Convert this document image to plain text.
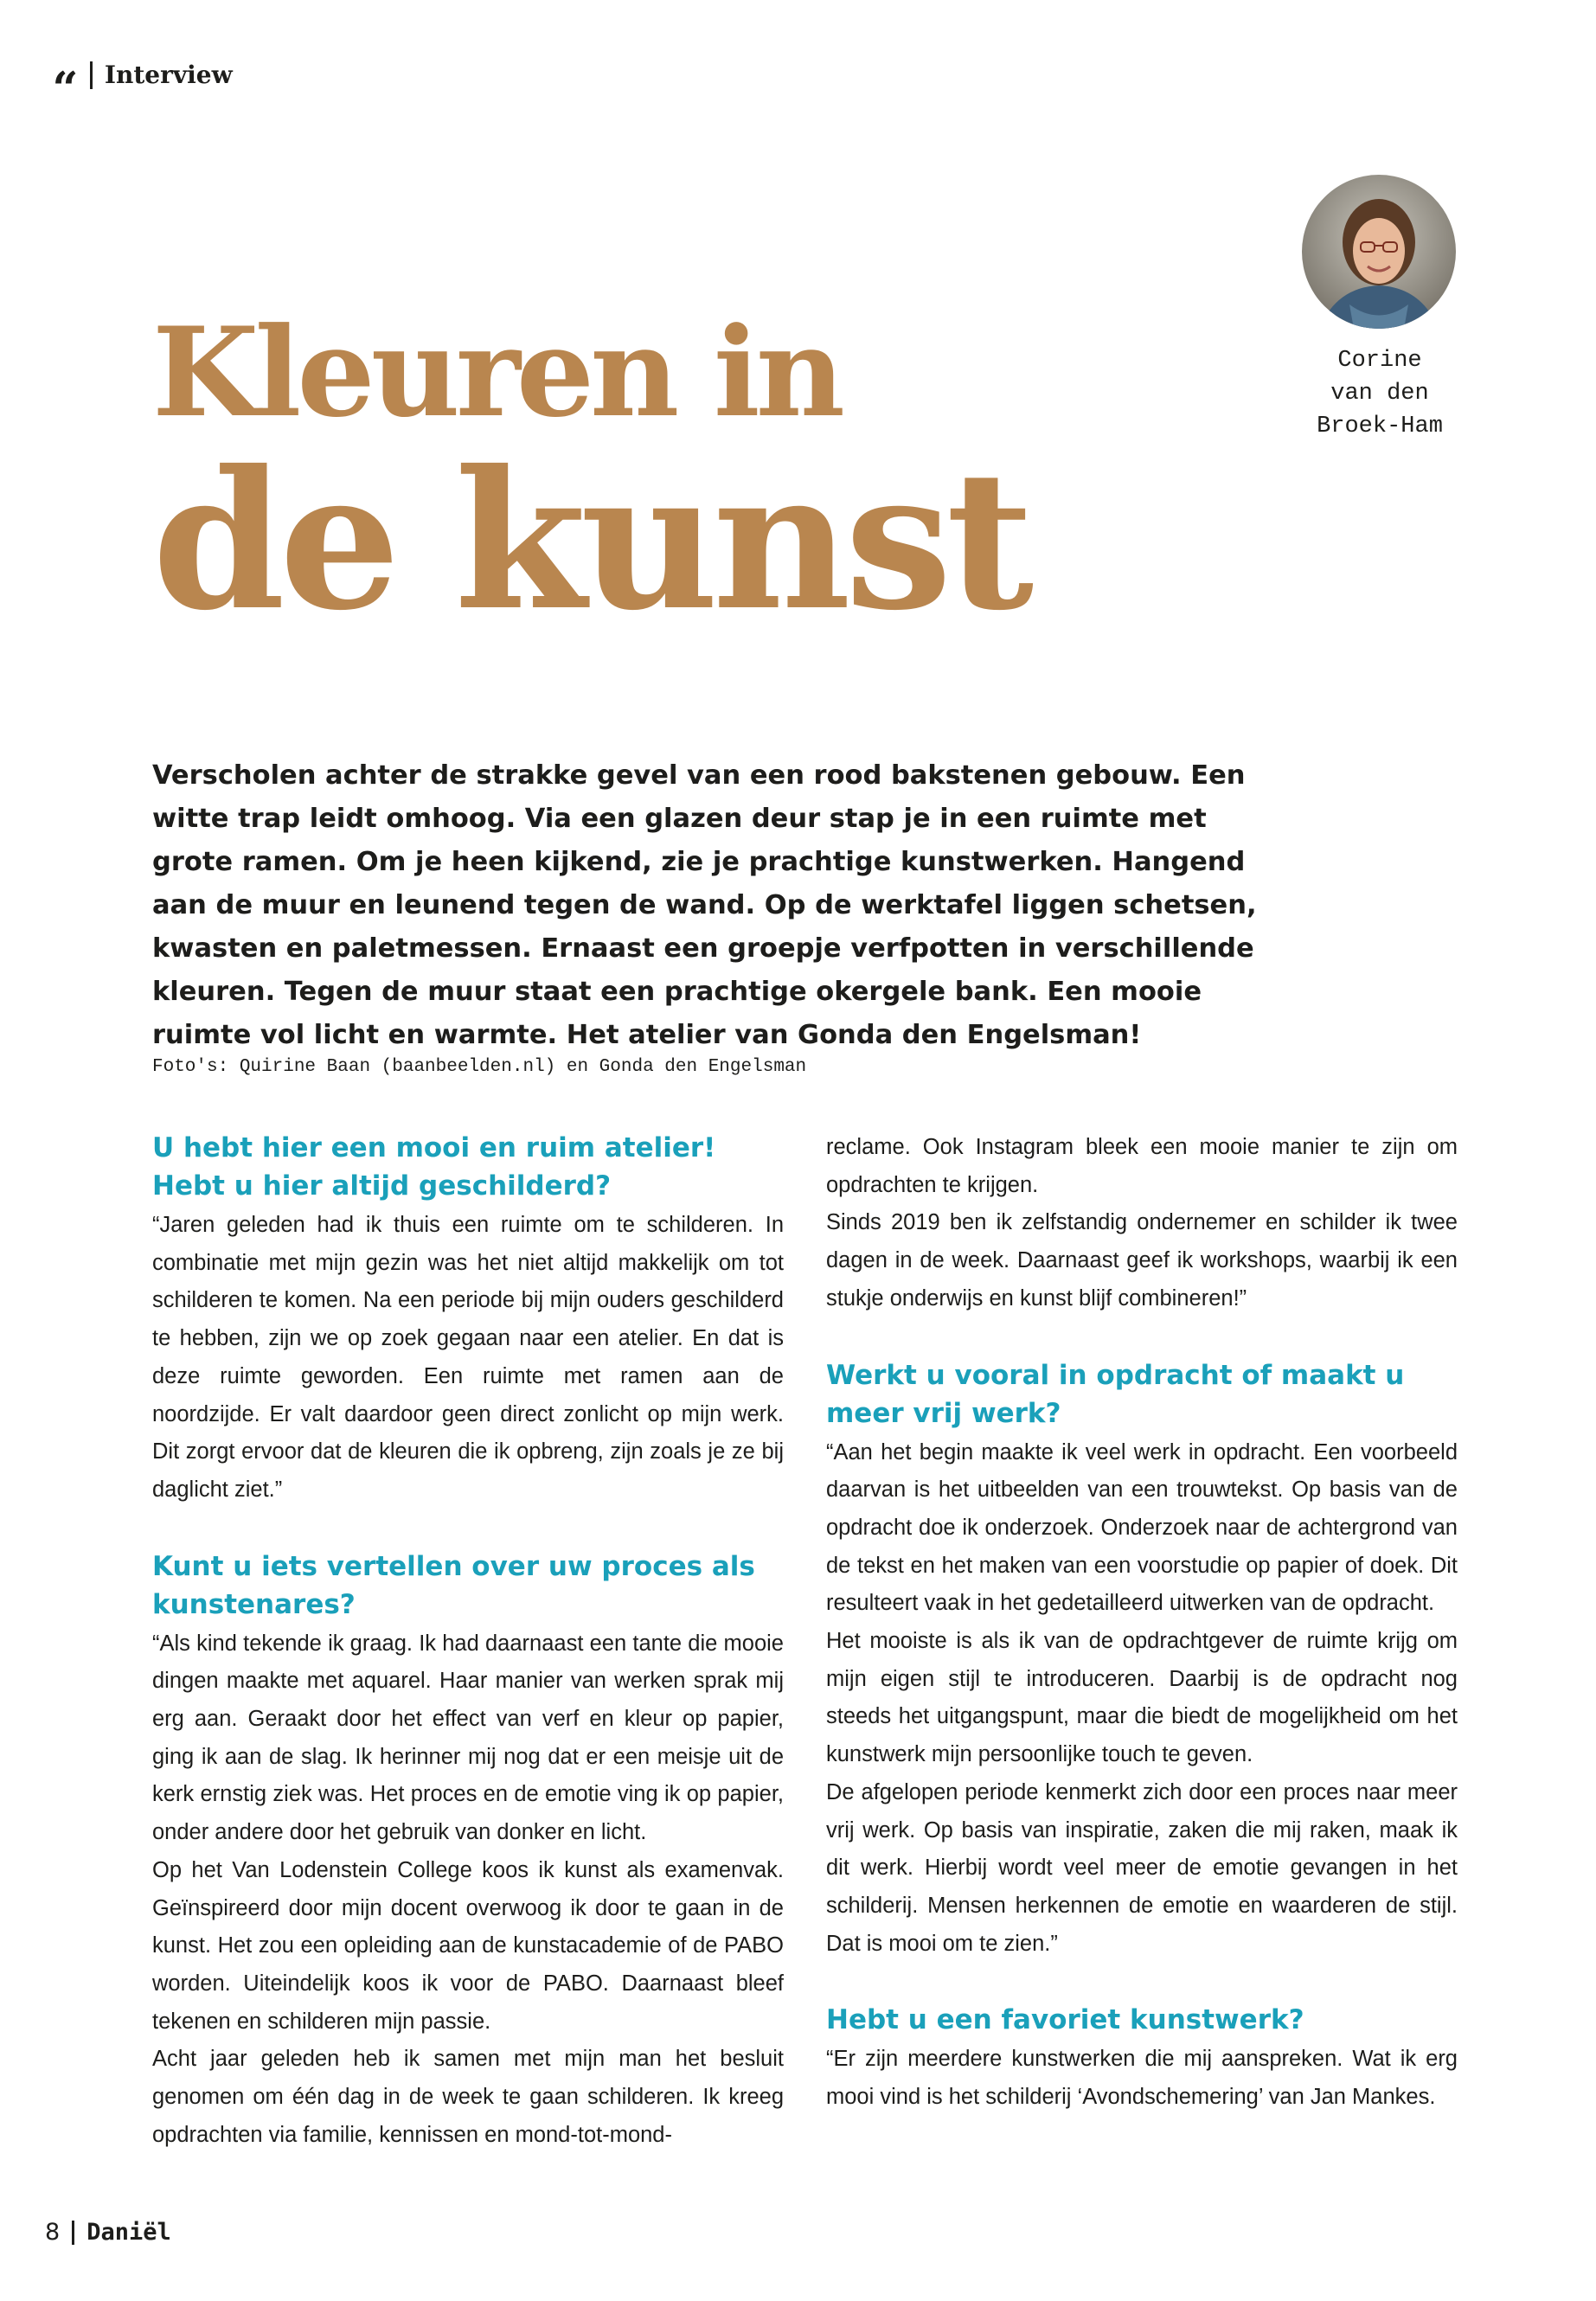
” Interview
Corine
van den
Broek-Ham
Kleuren in
de kunst

Verscholen achter de strakke gevel van een rood bakstenen gebouw. Een witte trap leidt omhoog. Via een glazen deur stap je in een ruimte met grote ramen. Om je heen kijkend, zie je prachtige kunstwerken. Hangend aan de muur en leunend tegen de wand. Op de werktafel liggen schetsen, kwasten en paletmessen. Ernaast een groepje verfpotten in verschillende kleuren. Tegen de muur staat een prachtige okergele bank. Een mooie ruimte vol licht en warmte. Het atelier van Gonda den Engelsman!

Foto's: Quirine Baan (baanbeelden.nl) en Gonda den Engelsman
U hebt hier een mooi en ruim atelier! Hebt u hier altijd geschilderd?

“Jaren geleden had ik thuis een ruimte om te schilderen. In combinatie met mijn gezin was het niet altijd makkelijk om tot schilderen te komen. Na een periode bij mijn ouders geschilderd te hebben, zijn we op zoek gegaan naar een atelier. En dat is deze ruimte geworden. Een ruimte met ramen aan de noordzijde. Er valt daardoor geen direct zonlicht op mijn werk. Dit zorgt ervoor dat de kleuren die ik opbreng, zijn zoals je ze bij daglicht ziet.”

Kunt u iets vertellen over uw proces als kunstenares?

“Als kind tekende ik graag. Ik had daarnaast een tante die mooie dingen maakte met aquarel. Haar manier van werken sprak mij erg aan. Geraakt door het effect van verf en kleur op papier, ging ik aan de slag. Ik herinner mij nog dat er een meisje uit de kerk ernstig ziek was. Het proces en de emotie ving ik op papier, onder andere door het gebruik van donker en licht.

Op het Van Lodenstein College koos ik kunst als examenvak. Geïnspireerd door mijn docent overwoog ik door te gaan in de kunst. Het zou een opleiding aan de kunstacademie of de PABO worden. Uiteindelijk koos ik voor de PABO. Daarnaast bleef tekenen en schilderen mijn passie.

Acht jaar geleden heb ik samen met mijn man het besluit genomen om één dag in de week te gaan schilderen. Ik kreeg opdrachten via familie, kennissen en mond-tot-mond-

reclame. Ook Instagram bleek een mooie manier te zijn om opdrachten te krijgen.

Sinds 2019 ben ik zelfstandig ondernemer en schilder ik twee dagen in de week. Daarnaast geef ik workshops, waarbij ik een stukje onderwijs en kunst blijf combineren!”

Werkt u vooral in opdracht of maakt u meer vrij werk?

“Aan het begin maakte ik veel werk in opdracht. Een voorbeeld daarvan is het uitbeelden van een trouwtekst. Op basis van de opdracht doe ik onderzoek. Onderzoek naar de achtergrond van de tekst en het maken van een voorstudie op papier of doek. Dit resulteert vaak in het gedetailleerd uitwerken van de opdracht.

Het mooiste is als ik van de opdrachtgever de ruimte krijg om mijn eigen stijl te introduceren. Daarbij is de opdracht nog steeds het uitgangspunt, maar die biedt de mogelijkheid om het kunstwerk mijn persoonlijke touch te geven.

De afgelopen periode kenmerkt zich door een proces naar meer vrij werk. Op basis van inspiratie, zaken die mij raken, maak ik dit werk. Hierbij wordt veel meer de emotie gevangen in het schilderij. Mensen herkennen de emotie en waarderen de stijl. Dat is mooi om te zien.”

Hebt u een favoriet kunstwerk?

“Er zijn meerdere kunstwerken die mij aanspreken. Wat ik erg mooi vind is het schilderij ‘Avondschemering’ van Jan Mankes.

8 Daniël
